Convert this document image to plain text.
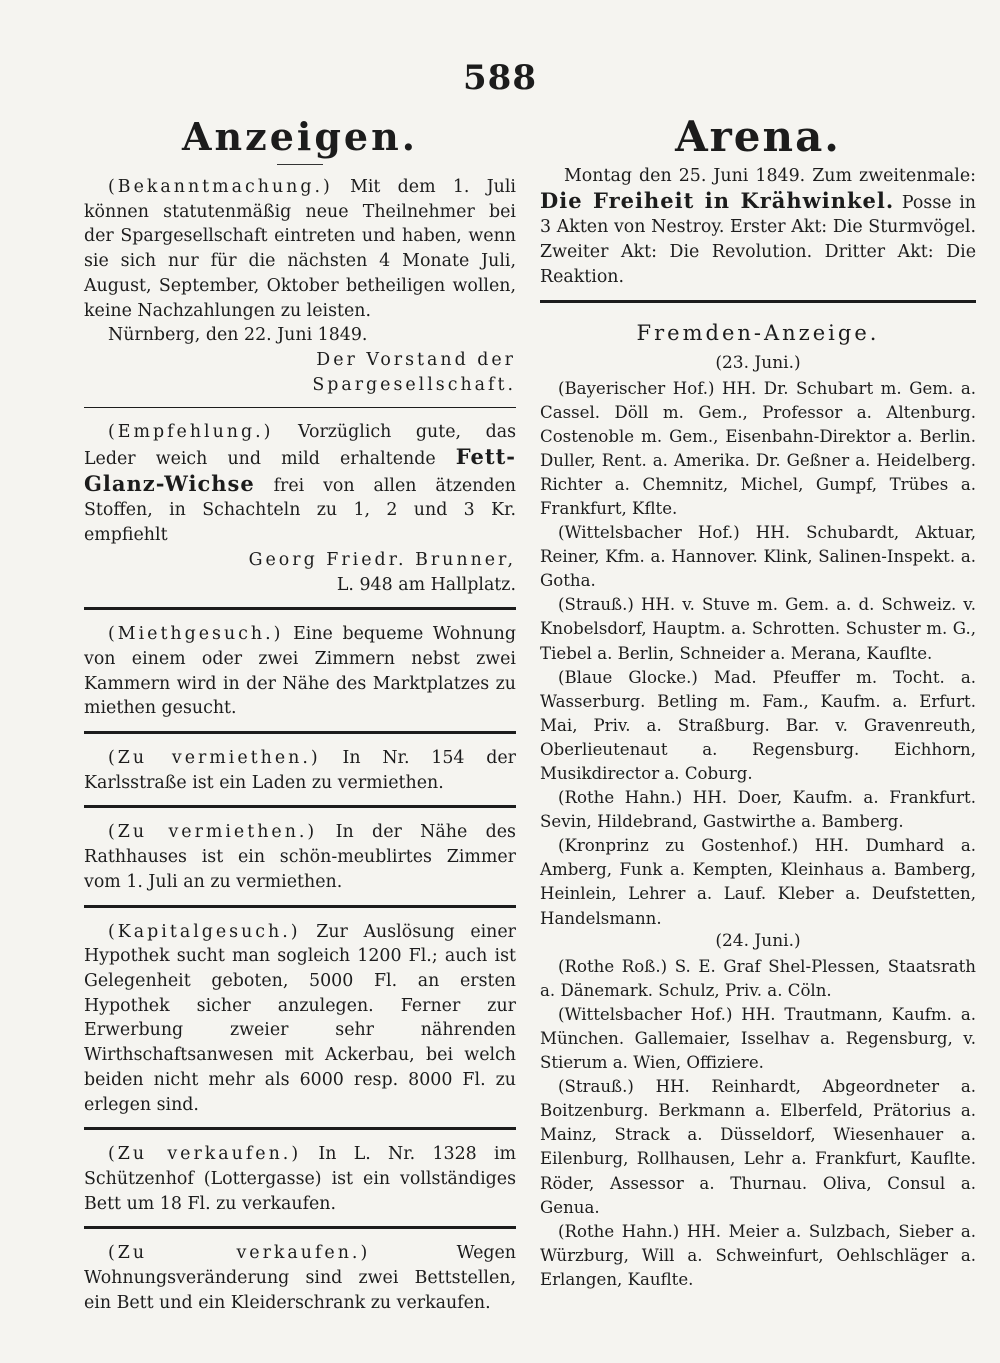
588
Anzeigen.

(Bekanntmachung.) Mit dem 1. Juli können statutenmäßig neue Theilnehmer bei der Spargesellschaft eintreten und haben, wenn sie sich nur für die nächsten 4 Monate Juli, August, September, Oktober betheiligen wollen, keine Nachzahlungen zu leisten.

Nürnberg, den 22. Juni 1849.

Der Vorstand der Spargesellschaft.

(Empfehlung.) Vorzüglich gute, das Leder weich und mild erhaltende Fett-Glanz-Wichse frei von allen ätzenden Stoffen, in Schachteln zu 1, 2 und 3 Kr. empfiehlt

Georg Friedr. Brunner,

L. 948 am Hallplatz.

(Miethgesuch.) Eine bequeme Wohnung von einem oder zwei Zimmern nebst zwei Kammern wird in der Nähe des Marktplatzes zu miethen gesucht.

(Zu vermiethen.) In Nr. 154 der Karlsstraße ist ein Laden zu vermiethen.

(Zu vermiethen.) In der Nähe des Rathhauses ist ein schön-meublirtes Zimmer vom 1. Juli an zu vermiethen.

(Kapitalgesuch.) Zur Auslösung einer Hypothek sucht man sogleich 1200 Fl.; auch ist Gelegenheit geboten, 5000 Fl. an ersten Hypothek sicher anzulegen. Ferner zur Erwerbung zweier sehr nährenden Wirthschaftsanwesen mit Ackerbau, bei welch beiden nicht mehr als 6000 resp. 8000 Fl. zu erlegen sind.

(Zu verkaufen.) In L. Nr. 1328 im Schützenhof (Lottergasse) ist ein vollständiges Bett um 18 Fl. zu verkaufen.

(Zu verkaufen.)	Wegen Wohnungsveränderung sind zwei Bettstellen, ein Bett und ein Kleiderschrank zu verkaufen.

Arena.

Montag den 25. Juni 1849. Zum zweitenmale: Die Freiheit in Krähwinkel. Posse in 3 Akten von Nestroy. Erster Akt: Die Sturmvögel. Zweiter Akt: Die Revolution. Dritter Akt: Die Reaktion.

Fremden-Anzeige.
(23. Juni.)

(Bayerischer Hof.) HH. Dr. Schubart m. Gem. a. Cassel. Döll m. Gem., Professor a. Altenburg. Costenoble m. Gem., Eisenbahn-Direktor a. Berlin. Duller, Rent. a. Amerika. Dr. Geßner a. Heidelberg. Richter a. Chemnitz, Michel, Gumpf, Trübes a. Frankfurt, Kflte.

(Wittelsbacher Hof.) HH. Schubardt, Aktuar, Reiner, Kfm. a. Hannover. Klink, Salinen-Inspekt. a. Gotha.

(Strauß.) HH. v. Stuve m. Gem. a. d. Schweiz. v. Knobelsdorf, Hauptm. a. Schrotten. Schuster m. G., Tiebel a. Berlin, Schneider a. Merana, Kauflte.

(Blaue Glocke.) Mad. Pfeuffer m. Tocht. a. Wasserburg. Betling m. Fam., Kaufm. a. Erfurt. Mai, Priv. a. Straßburg. Bar. v. Gravenreuth, Oberlieutenaut a. Regensburg. Eichhorn, Musikdirector a. Coburg.

(Rothe Hahn.) HH. Doer, Kaufm. a. Frankfurt. Sevin, Hildebrand, Gastwirthe a. Bamberg.

(Kronprinz zu Gostenhof.) HH. Dumhard a. Amberg, Funk a. Kempten, Kleinhaus a. Bamberg, Heinlein, Lehrer a. Lauf. Kleber a. Deufstetten, Handelsmann.

(24. Juni.)

(Rothe Roß.) S. E. Graf Shel-Plessen, Staatsrath a. Dänemark. Schulz, Priv. a. Cöln.

(Wittelsbacher Hof.) HH. Trautmann, Kaufm. a. München. Gallemaier, Isselhav a. Regensburg, v. Stierum a. Wien, Offiziere.

(Strauß.) HH. Reinhardt, Abgeordneter a. Boitzenburg. Berkmann a. Elberfeld, Prätorius a. Mainz, Strack a. Düsseldorf, Wiesenhauer a. Eilenburg, Rollhausen, Lehr a. Frankfurt, Kauflte. Röder, Assessor a. Thurnau. Oliva, Consul a. Genua.

(Rothe Hahn.) HH. Meier a. Sulzbach, Sieber a. Würzburg, Will a. Schweinfurt, Oehlschläger a. Erlangen, Kauflte.
